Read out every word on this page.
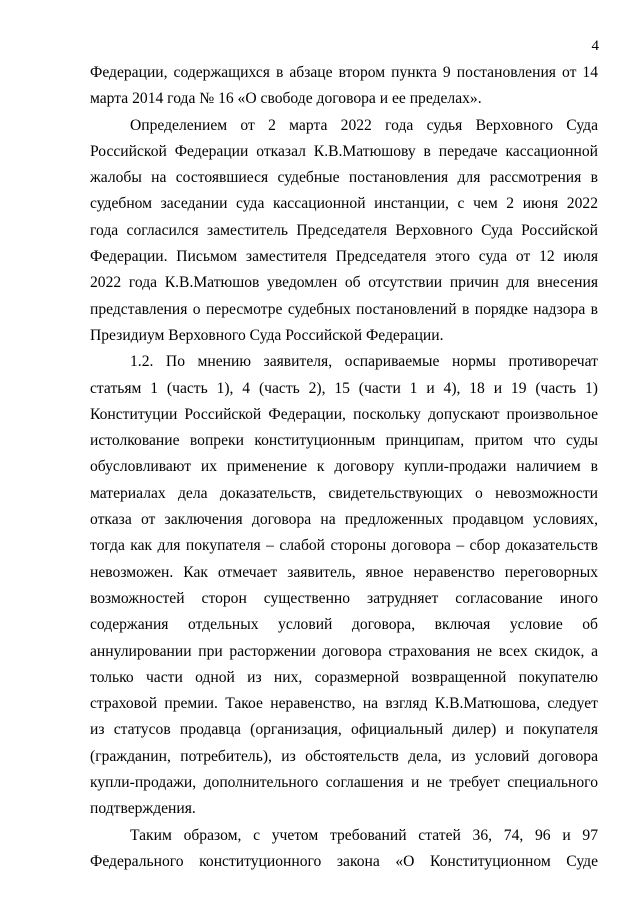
4

Федерации, содержащихся в абзаце втором пункта 9 постановления от 14
марта 2014 года № 16 «О свободе договора и ее пределах».

Определением от 2 марта 2022 года судья Верховного Суда
Российской Федерации отказал К.В.Матюшову в передаче кассационной
жалобы на состоявшиеся судебные постановления для рассмотрения в
судебном заседании суда кассационной инстанции, с чем 2 июня 2022
года согласился заместитель Председателя Верховного Суда Российской
Федерации. Письмом заместителя Председателя этого суда от 12 июля
2022 года К.В.Матюшов уведомлен об отсутствии причин для внесения
представления о пересмотре судебных постановлений в порядке надзора в
Президиум Верховного Суда Российской Федерации.

1.2. По мнению заявителя, оспариваемые нормы противоречат
статьям 1 (часть 1), 4 (часть 2), 15 (части 1 и 4), 18 и 19 (часть 1)
Конституции Российской Федерации, поскольку допускают произвольное
истолкование вопреки конституционным принципам, притом что суды
обусловливают их применение к договору купли-продажи наличием в
материалах дела доказательств, свидетельствующих о невозможности
отказа от заключения договора на предложенных продавцом условиях,
тогда как для покупателя – слабой стороны договора – сбор доказательств
невозможен. Как отмечает заявитель, явное неравенство переговорных
возможностей сторон существенно затрудняет согласование иного
содержания отдельных условий договора, включая условие об
аннулировании при расторжении договора страхования не всех скидок, а
только части одной из них, соразмерной возвращенной покупателю
страховой премии. Такое неравенство, на взгляд К.В.Матюшова, следует
из статусов продавца (организация, официальный дилер) и покупателя
(гражданин, потребитель), из обстоятельств дела, из условий договора
купли-продажи, дополнительного соглашения и не требует специального
подтверждения.

Таким образом, с учетом требований статей 36, 74, 96 и 97
Федерального конституционного закона «О Конституционном Суде
